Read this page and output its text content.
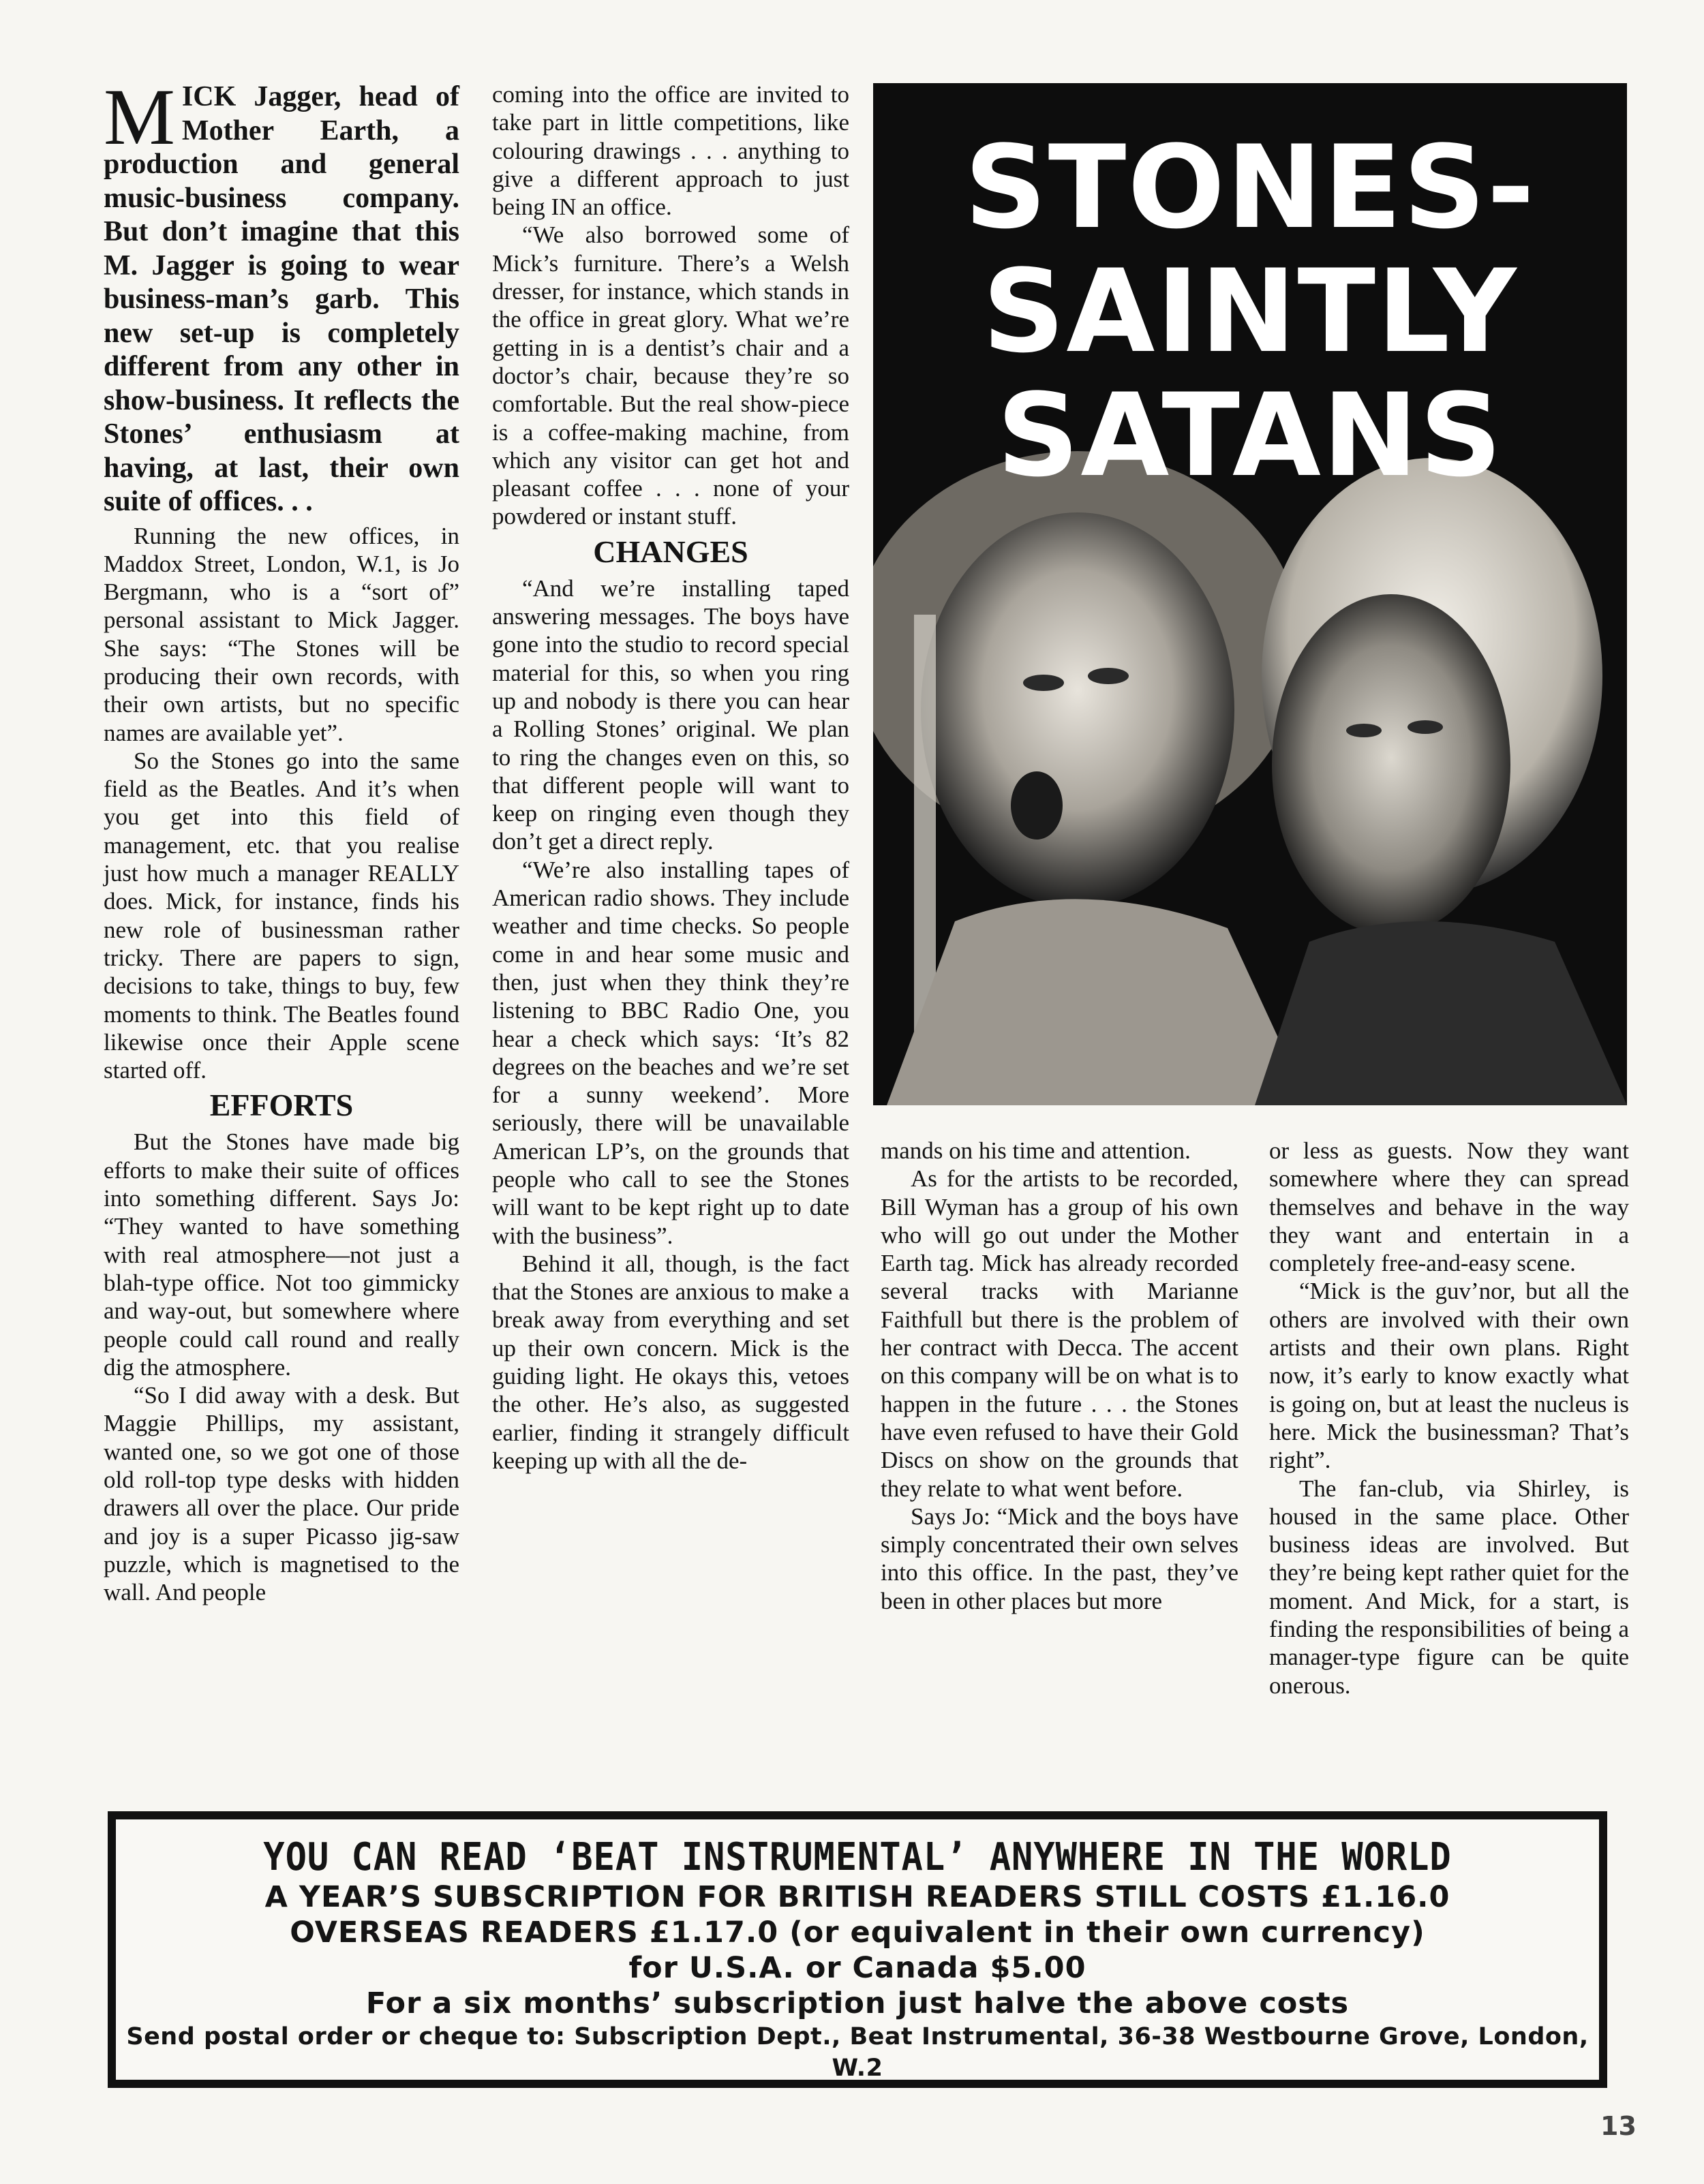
MICK Jagger, head of Mother Earth, a production and general music-business company. But don’t imagine that this M. Jagger is going to wear business-man’s garb. This new set-up is completely different from any other in show-business. It reflects the Stones’ enthusiasm at having, at last, their own suite of offices. . .

Running the new offices, in Maddox Street, London, W.1, is Jo Bergmann, who is a “sort of” personal assistant to Mick Jagger. She says: “The Stones will be producing their own records, with their own artists, but no specific names are available yet”.

So the Stones go into the same field as the Beatles. And it’s when you get into this field of management, etc. that you realise just how much a manager REALLY does. Mick, for instance, finds his new role of businessman rather tricky. There are papers to sign, decisions to take, things to buy, few moments to think. The Beatles found likewise once their Apple scene started off.

EFFORTS

But the Stones have made big efforts to make their suite of offices into something different. Says Jo: “They wanted to have something with real atmosphere—not just a blah-type office. Not too gimmicky and way-out, but somewhere where people could call round and really dig the atmosphere.

“So I did away with a desk. But Maggie Phillips, my assistant, wanted one, so we got one of those old roll-top type desks with hidden drawers all over the place. Our pride and joy is a super Picasso jig-saw puzzle, which is magnetised to the wall. And people

coming into the office are invited to take part in little competitions, like colouring drawings . . . anything to give a different approach to just being IN an office.

“We also borrowed some of Mick’s furniture. There’s a Welsh dresser, for instance, which stands in the office in great glory. What we’re getting in is a dentist’s chair and a doctor’s chair, because they’re so comfortable. But the real show-piece is a coffee-making machine, from which any visitor can get hot and pleasant coffee . . . none of your powdered or instant stuff.

CHANGES

“And we’re installing taped answering messages. The boys have gone into the studio to record special material for this, so when you ring up and nobody is there you can hear a Rolling Stones’ original. We plan to ring the changes even on this, so that different people will want to keep on ringing even though they don’t get a direct reply.

“We’re also installing tapes of American radio shows. They include weather and time checks. So people come in and hear some music and then, just when they think they’re listening to BBC Radio One, you hear a check which says: ‘It’s 82 degrees on the beaches and we’re set for a sunny weekend’. More seriously, there will be unavailable American LP’s, on the grounds that people who call to see the Stones will want to be kept right up to date with the business”.

Behind it all, though, is the fact that the Stones are anxious to make a break away from everything and set up their own concern. Mick is the guiding light. He okays this, vetoes the other. He’s also, as suggested earlier, finding it strangely difficult keeping up with all the de-

STONES-
SAINTLY
SATANS

mands on his time and attention.

As for the artists to be recorded, Bill Wyman has a group of his own who will go out under the Mother Earth tag. Mick has already recorded several tracks with Marianne Faithfull but there is the problem of her contract with Decca. The accent on this company will be on what is to happen in the future . . . the Stones have even refused to have their Gold Discs on show on the grounds that they relate to what went before.

Says Jo: “Mick and the boys have simply concentrated their own selves into this office. In the past, they’ve been in other places but more

or less as guests. Now they want somewhere where they can spread themselves and behave in the way they want and entertain in a completely free-and-easy scene.

“Mick is the guv’nor, but all the others are involved with their own artists and their own plans. Right now, it’s early to know exactly what is going on, but at least the nucleus is here. Mick the businessman? That’s right”.

The fan-club, via Shirley, is housed in the same place. Other business ideas are involved. But they’re being kept rather quiet for the moment. And Mick, for a start, is finding the responsibilities of being a manager-type figure can be quite onerous.

YOU CAN READ ‘BEAT INSTRUMENTAL’ ANYWHERE IN THE WORLD
A YEAR’S SUBSCRIPTION FOR BRITISH READERS STILL COSTS £1.16.0
OVERSEAS READERS £1.17.0 (or equivalent in their own currency)
for U.S.A. or Canada $5.00
For a six months’ subscription just halve the above costs
Send postal order or cheque to: Subscription Dept., Beat Instrumental, 36-38 Westbourne Grove, London, W.2
13
